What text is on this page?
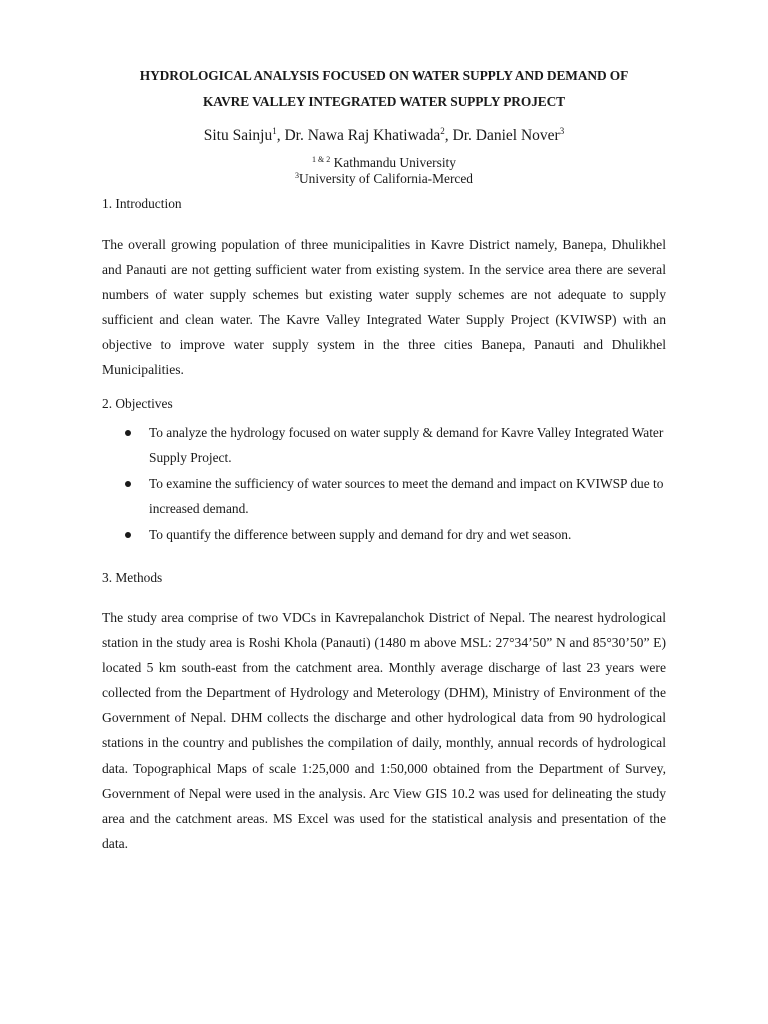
HYDROLOGICAL ANALYSIS FOCUSED ON WATER SUPPLY AND DEMAND OF
KAVRE VALLEY INTEGRATED WATER SUPPLY PROJECT
Situ Sainju$^1$, Dr. Nawa Raj Khatiwada$^2$, Dr. Daniel Nover$^3$
$^{1 \& 2}$ Kathmandu University
$^3$University of California-Merced
1. Introduction
The overall growing population of three municipalities in Kavre District namely, Banepa, Dhulikhel and Panauti are not getting sufficient water from existing system. In the service area there are several numbers of water supply schemes but existing water supply schemes are not adequate to supply sufficient and clean water. The Kavre Valley Integrated Water Supply Project (KVIWSP) with an objective to improve water supply system in the three cities Banepa, Panauti and Dhulikhel Municipalities.
2. Objectives
To analyze the hydrology focused on water supply & demand for Kavre Valley Integrated Water Supply Project.
To examine the sufficiency of water sources to meet the demand and impact on KVIWSP due to increased demand.
To quantify the difference between supply and demand for dry and wet season.
3. Methods
The study area comprise of two VDCs in Kavrepalanchok District of Nepal. The nearest hydrological station in the study area is Roshi Khola (Panauti) (1480 m above MSL: 27°34’50” N and 85°30’50” E) located 5 km south-east from the catchment area. Monthly average discharge of last 23 years were collected from the Department of Hydrology and Meterology (DHM), Ministry of Environment of the Government of Nepal. DHM collects the discharge and other hydrological data from 90 hydrological stations in the country and publishes the compilation of daily, monthly, annual records of hydrological data. Topographical Maps of scale 1:25,000 and 1:50,000 obtained from the Department of Survey, Government of Nepal were used in the analysis. Arc View GIS 10.2 was used for delineating the study area and the catchment areas. MS Excel was used for the statistical analysis and presentation of the data.
